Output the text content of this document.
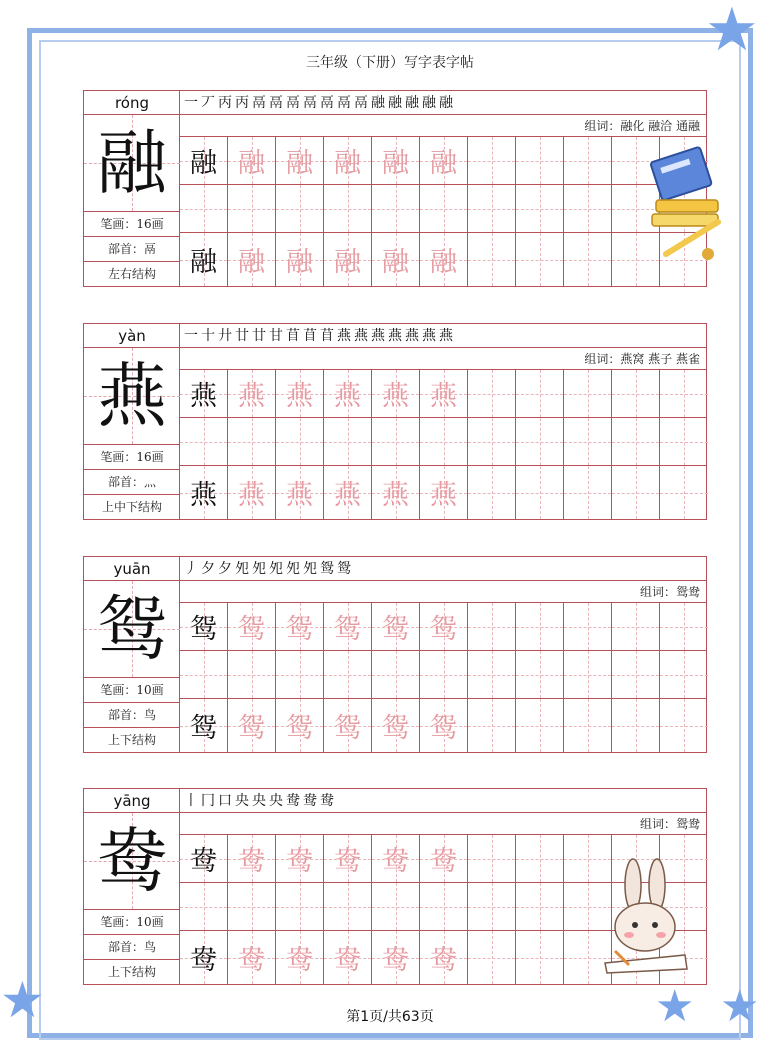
★
★	★ ★
三年级（下册）写字表字帖
róng
融
笔画：16画
部首：鬲
左右结构
一丆丙丙鬲鬲鬲鬲鬲鬲鬲融融融融融
组词：融化 融洽 通融
融 融 融 融 融 融
融 融 融 融 融 融
yàn
燕
笔画：16画
部首：灬
上中下结构
一十廾廿廿甘苜苜苜燕燕燕燕燕燕燕
组词：燕窝 燕子 燕雀
燕 燕 燕 燕 燕 燕
燕 燕 燕 燕 燕 燕
yuān
鸳
笔画：10画
部首：鸟
上下结构
丿夕夕夗夗夗夗夗鸳鸳
组词：鸳鸯
鸳 鸳 鸳 鸳 鸳 鸳
鸳 鸳 鸳 鸳 鸳 鸳
yāng
鸯
笔画：10画
部首：鸟
上下结构
丨冂口央央央鸯鸯鸯
组词：鸳鸯
鸯 鸯 鸯 鸯 鸯 鸯
鸯 鸯 鸯 鸯 鸯 鸯
第1页/共63页
